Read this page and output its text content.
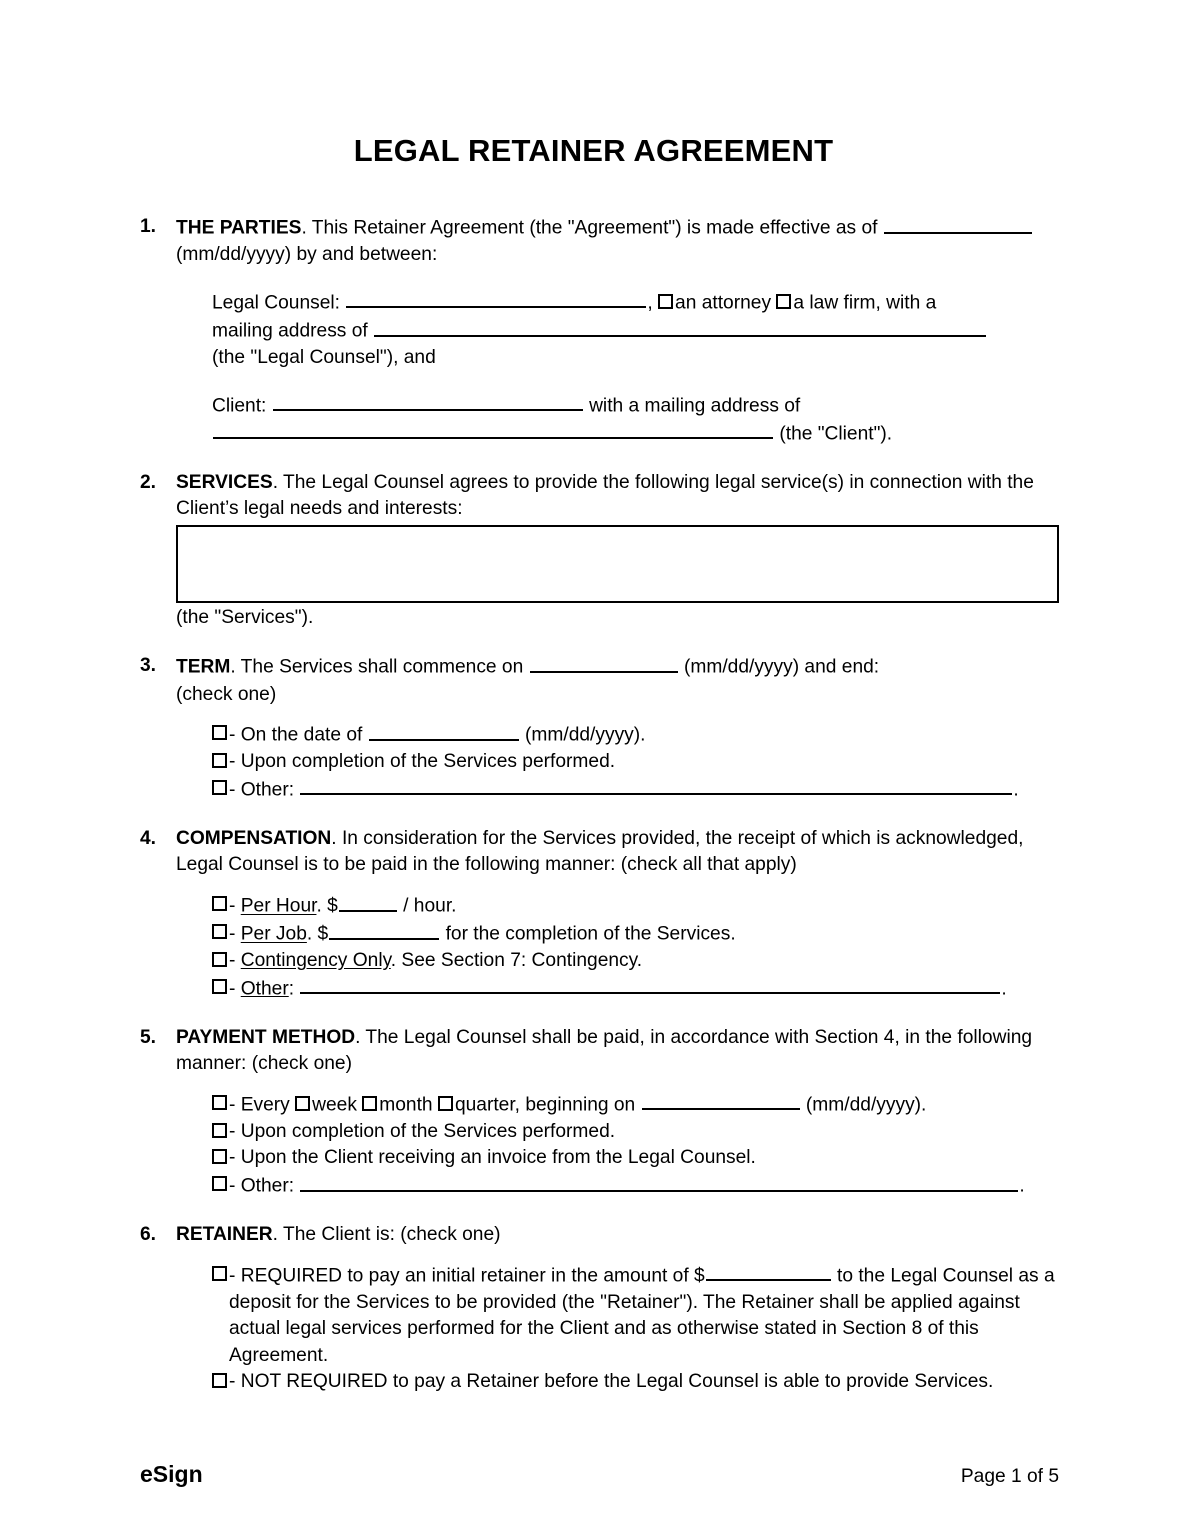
LEGAL RETAINER AGREEMENT
1.	THE PARTIES. This Retainer Agreement (the "Agreement") is made effective as of  (mm/dd/yyyy) by and between:

Legal Counsel:	, an attorney a law firm, with a

mailing address of

(the "Legal Counsel"), and

Client:	with a mailing address of

(the "Client").

2.	SERVICES. The Legal Counsel agrees to provide the following legal service(s) in connection with the Client’s legal needs and interests:

(the "Services").

3.	TERM. The Services shall commence on	(mm/dd/yyyy) and end:

(check one)

- On the date of	(mm/dd/yyyy).
- Upon completion of the Services performed.
- Other:	.
4.	COMPENSATION. In consideration for the Services provided, the receipt of which is acknowledged, Legal Counsel is to be paid in the following manner: (check all that apply)

- Per Hour. $	/ hour.
- Per Job. $	for the completion of the Services.
- Contingency Only. See Section 7: Contingency.
- Other:	.
5.	PAYMENT METHOD. The Legal Counsel shall be paid, in accordance with Section 4, in the following manner: (check one)

- Every week month quarter, beginning on	(mm/dd/yyyy).
- Upon completion of the Services performed.
- Upon the Client receiving an invoice from the Legal Counsel.
- Other:	.
6.	RETAINER. The Client is: (check one)

- REQUIRED to pay an initial retainer in the amount of $	to the Legal Counsel as a deposit for the Services to be provided (the "Retainer"). The Retainer shall be applied against actual legal services performed for the Client and as otherwise stated in Section 8 of this Agreement.
- NOT REQUIRED to pay a Retainer before the Legal Counsel is able to provide Services.
eSign	Page 1 of 5
